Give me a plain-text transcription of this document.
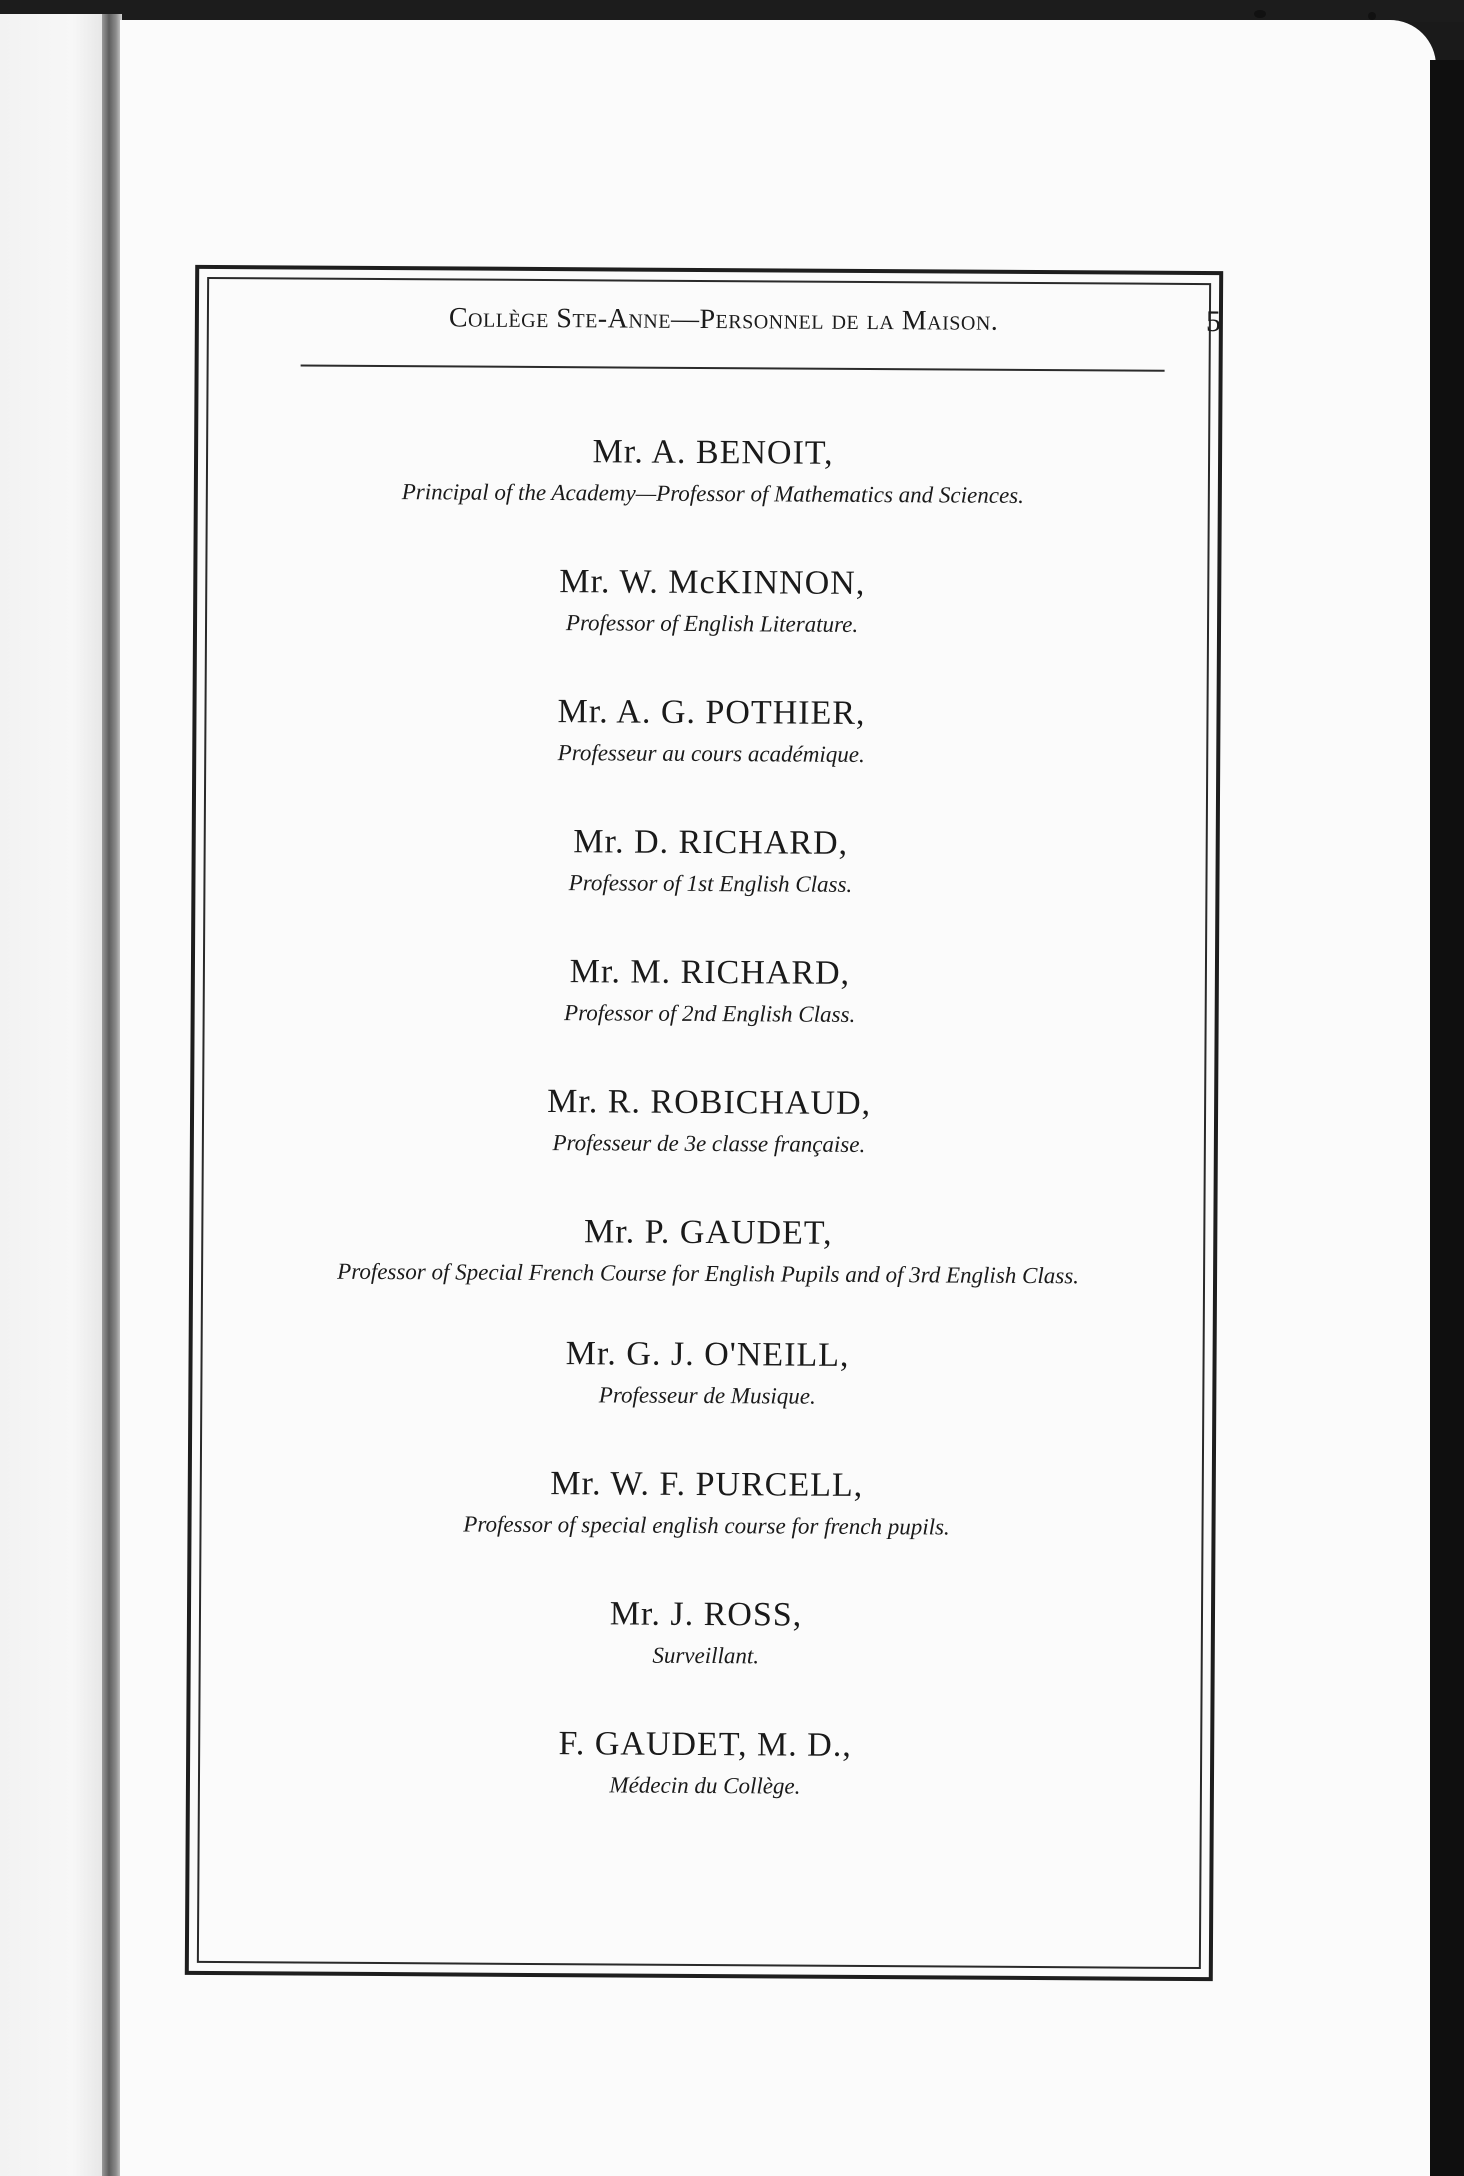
Collège Ste-Anne—Personnel de la Maison.	5
Mr. A. BENOIT,
Principal of the Academy—Professor of Mathematics and Sciences.
Mr. W. McKINNON,
Professor of English Literature.
Mr. A. G. POTHIER,
Professeur au cours académique.
Mr. D. RICHARD,
Professor of 1st English Class.
Mr. M. RICHARD,
Professor of 2nd English Class.
Mr. R. ROBICHAUD,
Professeur de 3e classe française.
Mr. P. GAUDET,
Professor of Special French Course for English Pupils and of 3rd English Class.
Mr. G. J. O'NEILL,
Professeur de Musique.
Mr. W. F. PURCELL,
Professor of special english course for french pupils.
Mr. J. ROSS,
Surveillant.
F. GAUDET, M. D.,
Médecin du Collège.
